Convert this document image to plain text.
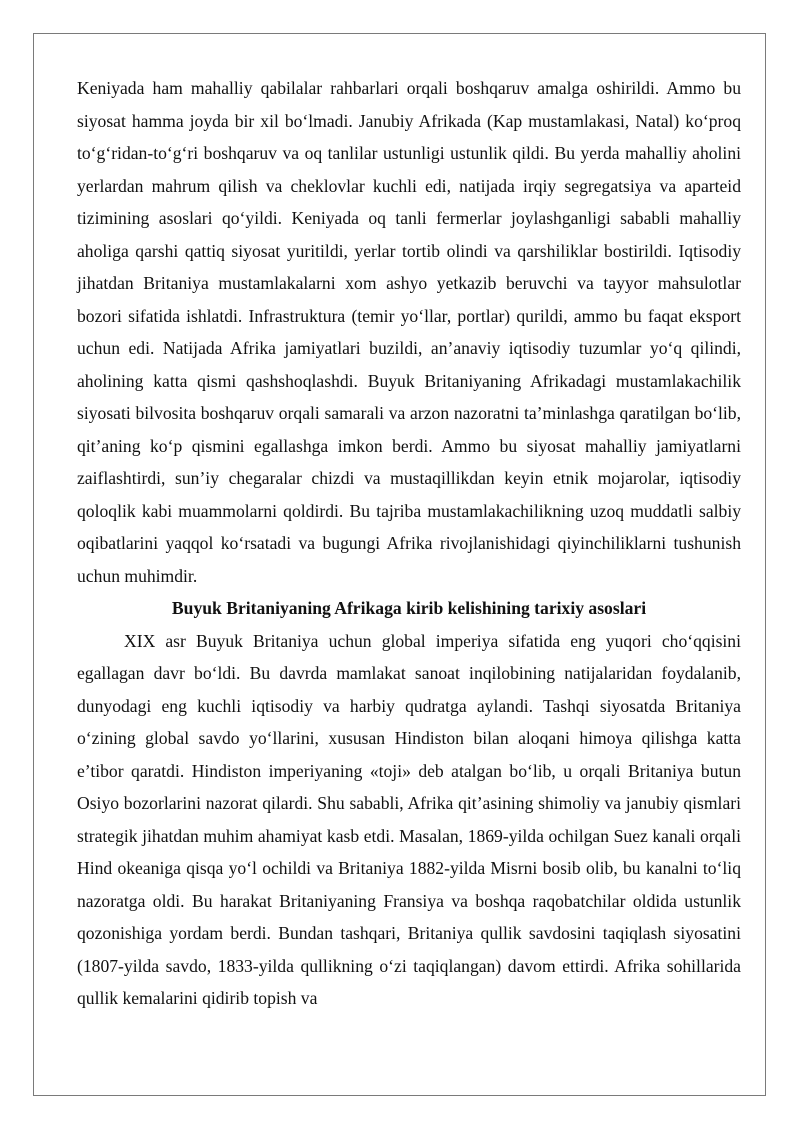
Keniyada ham mahalliy qabilalar rahbarlari orqali boshqaruv amalga oshirildi. Ammo bu siyosat hamma joyda bir xil bo‘lmadi. Janubiy Afrikada (Kap mustamlakasi, Natal) ko‘proq to‘g‘ridan-to‘g‘ri boshqaruv va oq tanlilar ustunligi ustunlik qildi. Bu yerda mahalliy aholini yerlardan mahrum qilish va cheklovlar kuchli edi, natijada irqiy segregatsiya va aparteid tizimining asoslari qo‘yildi. Keniyada oq tanli fermerlar joylashganligi sababli mahalliy aholiga qarshi qattiq siyosat yuritildi, yerlar tortib olindi va qarshiliklar bostirildi. Iqtisodiy jihatdan Britaniya mustamlakalarni xom ashyo yetkazib beruvchi va tayyor mahsulotlar bozori sifatida ishlatdi. Infrastruktura (temir yo‘llar, portlar) qurildi, ammo bu faqat eksport uchun edi. Natijada Afrika jamiyatlari buzildi, an’anaviy iqtisodiy tuzumlar yo‘q qilindi, aholining katta qismi qashshoqlashdi. Buyuk Britaniyaning Afrikadagi mustamlakachilik siyosati bilvosita boshqaruv orqali samarali va arzon nazoratni ta’minlashga qaratilgan bo‘lib, qit’aning ko‘p qismini egallashga imkon berdi. Ammo bu siyosat mahalliy jamiyatlarni zaiflashtirdi, sun’iy chegaralar chizdi va mustaqillikdan keyin etnik mojarolar, iqtisodiy qoloqlik kabi muammolarni qoldirdi. Bu tajriba mustamlakachilikning uzoq muddatli salbiy oqibatlarini yaqqol ko‘rsatadi va bugungi Afrika rivojlanishidagi qiyinchiliklarni tushunish uchun muhimdir.

Buyuk Britaniyaning Afrikaga kirib kelishining tarixiy asoslari

XIX asr Buyuk Britaniya uchun global imperiya sifatida eng yuqori cho‘qqisini egallagan davr bo‘ldi. Bu davrda mamlakat sanoat inqilobining natijalaridan foydalanib, dunyodagi eng kuchli iqtisodiy va harbiy qudratga aylandi. Tashqi siyosatda Britaniya o‘zining global savdo yo‘llarini, xususan Hindiston bilan aloqani himoya qilishga katta e’tibor qaratdi. Hindiston imperiyaning «toji» deb atalgan bo‘lib, u orqali Britaniya butun Osiyo bozorlarini nazorat qilardi. Shu sababli, Afrika qit’asining shimoliy va janubiy qismlari strategik jihatdan muhim ahamiyat kasb etdi. Masalan, 1869-yilda ochilgan Suez kanali orqali Hind okeaniga qisqa yo‘l ochildi va Britaniya 1882-yilda Misrni bosib olib, bu kanalni to‘liq nazoratga oldi. Bu harakat Britaniyaning Fransiya va boshqa raqobatchilar oldida ustunlik qozonishiga yordam berdi. Bundan tashqari, Britaniya qullik savdosini taqiqlash siyosatini (1807-yilda savdo, 1833-yilda qullikning o‘zi taqiqlangan) davom ettirdi. Afrika sohillarida qullik kemalarini qidirib topish va
